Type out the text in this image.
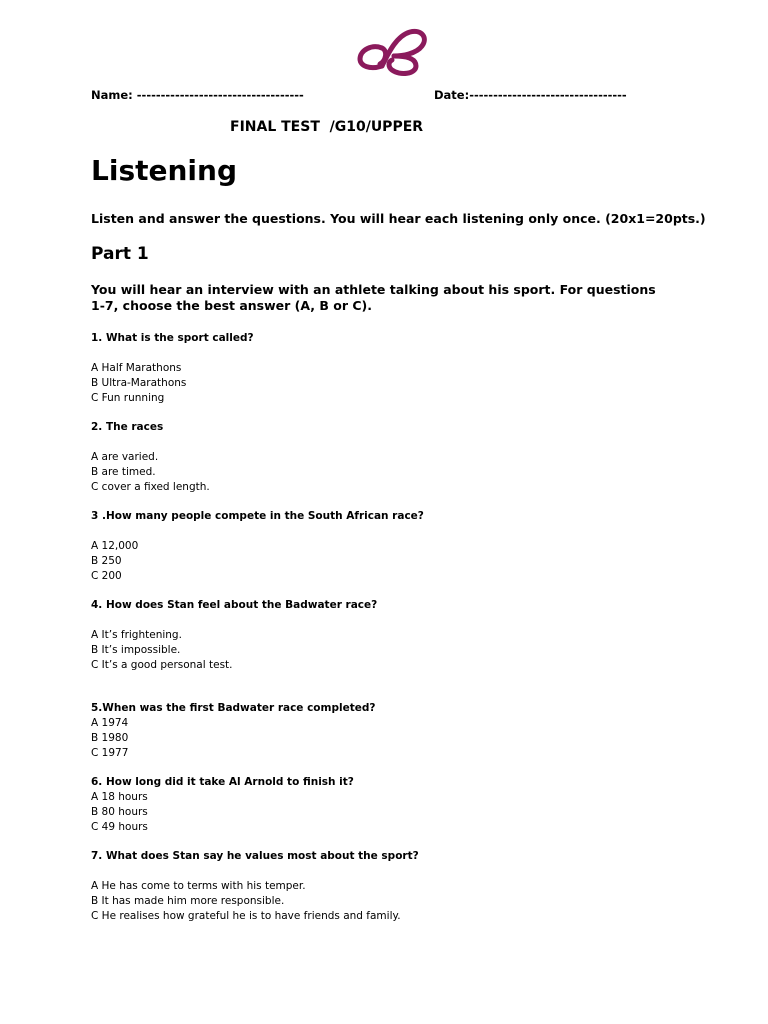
Name: -----------------------------------	Date:---------------------------------
FINAL TEST  /G10/UPPER
Listening
Listen and answer the questions. You will hear each listening only once. (20x1=20pts.)
Part 1
You will hear an interview with an athlete talking about his sport. For questions 1-7, choose the best answer (A, B or C).
1. What is the sport called?
A Half Marathons
B Ultra-Marathons
C Fun running
2. The races
A are varied.
B are timed.
C cover a fixed length.
3 .How many people compete in the South African race?
A 12,000
B 250
C 200
4. How does Stan feel about the Badwater race?
A It’s frightening.
B It’s impossible.
C It’s a good personal test.
5.When was the first Badwater race completed?
A 1974
B 1980
C 1977
6. How long did it take Al Arnold to finish it?
A 18 hours
B 80 hours
C 49 hours
7. What does Stan say he values most about the sport?
A He has come to terms with his temper.
B It has made him more responsible.
C He realises how grateful he is to have friends and family.
